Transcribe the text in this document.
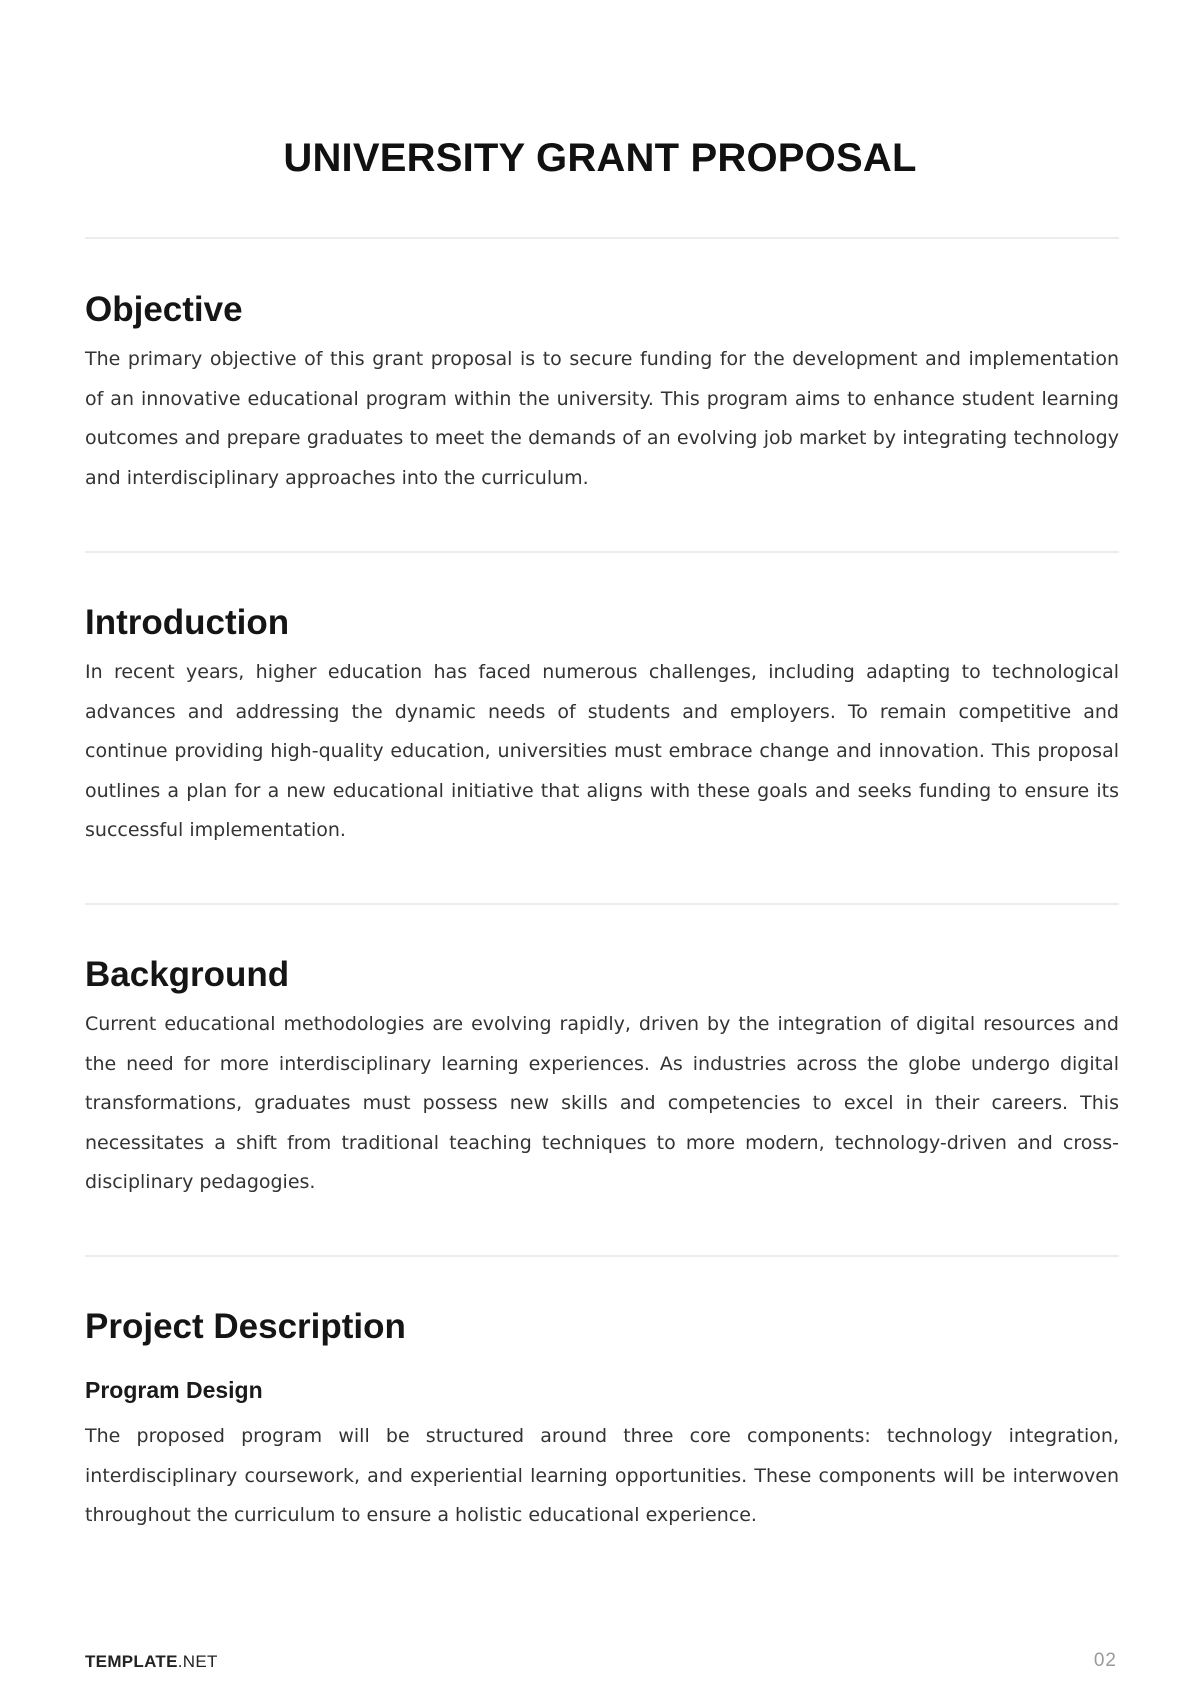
UNIVERSITY GRANT PROPOSAL
Objective

The primary objective of this grant proposal is to secure funding for the development and implementation of an innovative educational program within the university. This program aims to enhance student learning outcomes and prepare graduates to meet the demands of an evolving job market by integrating technology and interdisciplinary approaches into the curriculum.

Introduction

In recent years, higher education has faced numerous challenges, including adapting to technological advances and addressing the dynamic needs of students and employers. To remain competitive and continue providing high-quality education, universities must embrace change and innovation. This proposal outlines a plan for a new educational initiative that aligns with these goals and seeks funding to ensure its successful implementation.

Background

Current educational methodologies are evolving rapidly, driven by the integration of digital resources and the need for more interdisciplinary learning experiences. As industries across the globe undergo digital transformations, graduates must possess new skills and competencies to excel in their careers. This necessitates a shift from traditional teaching techniques to more modern, technology-driven and cross-disciplinary pedagogies.

Project Description
Program Design

The proposed program will be structured around three core components: technology integration, interdisciplinary coursework, and experiential learning opportunities. These components will be interwoven throughout the curriculum to ensure a holistic educational experience.

TEMPLATE.NET	02
